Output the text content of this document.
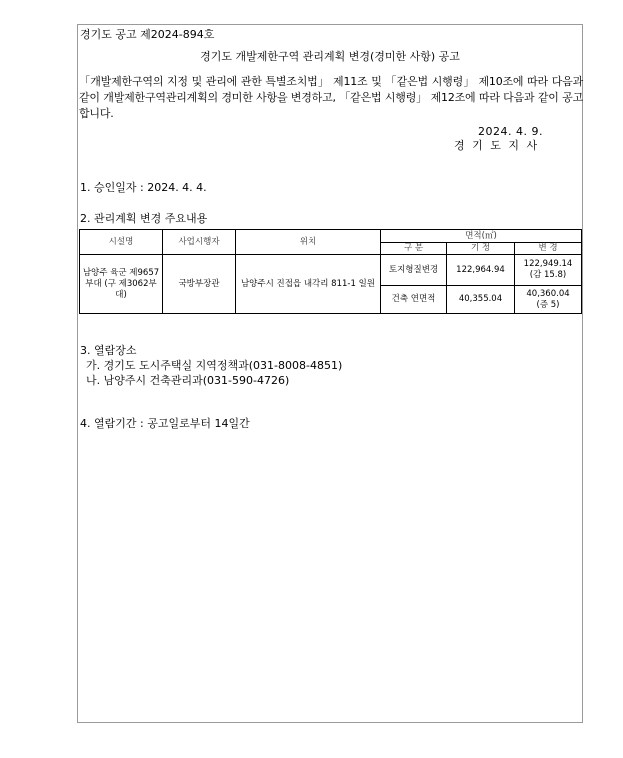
경기도 공고 제2024-894호
경기도 개발제한구역 관리계획 변경(경미한 사항) 공고
「개발제한구역의 지정 및 관리에 관한 특별조치법」 제11조 및 「같은법 시행령」 제10조에 따라 다음과 같이 개발제한구역관리계획의 경미한 사항을 변경하고, 「같은법 시행령」 제12조에 따라 다음과 같이 공고합니다.
2024. 4. 9.
경 기 도 지 사
1. 승인일자 : 2024. 4. 4.
2. 관리계획 변경 주요내용
시설명	사업시행자	위치	면적(㎡)		
			구 분	기 정	변 경
남양주 육군 제9657부대 (구 제3062부대)	국방부장관	남양주시 진접읍 내각리 811-1 일원	토지형질변경	122,964.94	122,949.14
(감 15.8)

			건축 연면적	40,355.04	40,360.04
(증 5)
3. 열람장소
가. 경기도 도시주택실 지역정책과(031-8008-4851)
나. 남양주시 건축관리과(031-590-4726)
4. 열람기간 : 공고일로부터 14일간
